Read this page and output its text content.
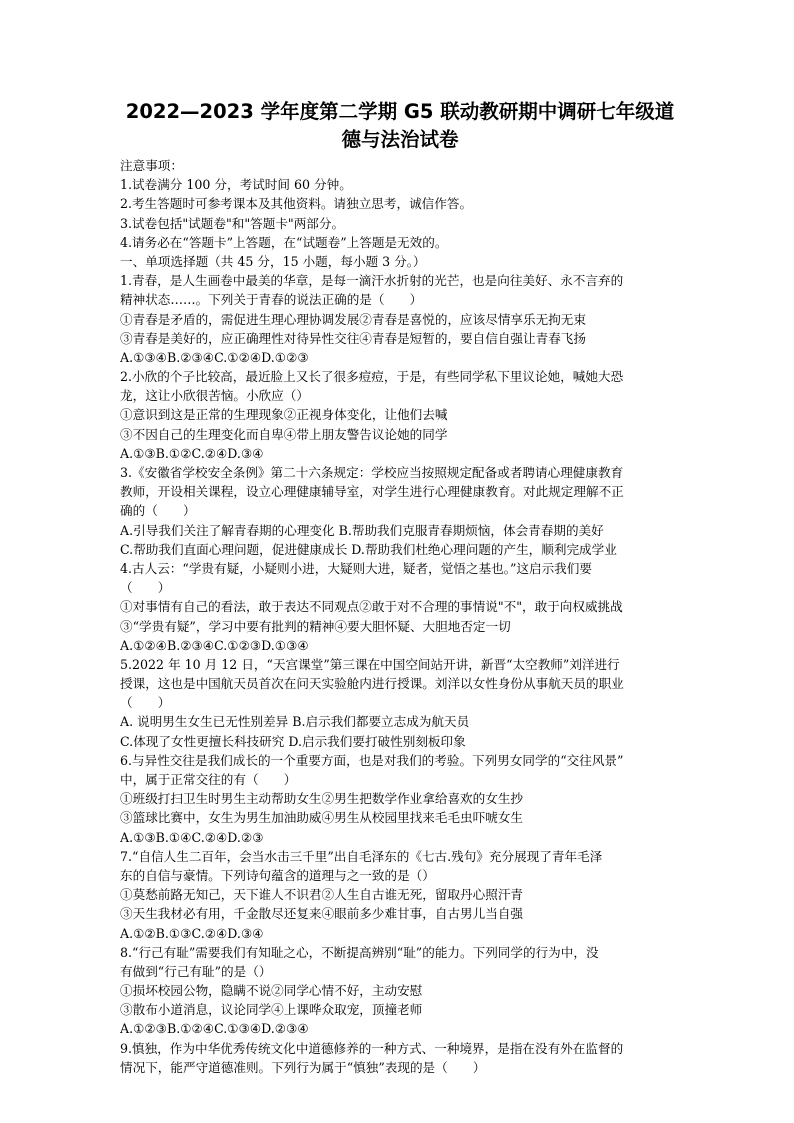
2022—2023 学年度第二学期 G5 联动教研期中调研七年级道
德与法治试卷
注意事项：
1.试卷满分 100 分，考试时间 60 分钟。
2.考生答题时可参考课本及其他资料。请独立思考，诚信作答。
3.试卷包括"试题卷"和"答题卡"两部分。
4.请务必在“答题卡”上答题，在“试题卷”上答题是无效的。
一、单项选择题（共 45 分，15 小题，每小题 3 分。）
1.青春，是人生画卷中最美的华章，是每一滴汗水折射的光芒，也是向往美好、永不言弃的
精神状态……。下列关于青春的说法正确的是（　　）
①青春是矛盾的，需促进生理心理协调发展②青春是喜悦的，应该尽情享乐无拘无束
③青春是美好的，应正确理性对待异性交往④青春是短暂的，要自信自强让青春飞扬
A.①③④B.②③④C.①②④D.①②③
2.小欣的个子比较高，最近脸上又长了很多痘痘，于是，有些同学私下里议论她，喊她大恐
龙，这让小欣很苦恼。小欣应（）
①意识到这是正常的生理现象②正视身体变化，让他们去喊
③不因自己的生理变化而自卑④带上朋友警告议论她的同学
A.①③B.①②C.②④D.③④
3.《安徽省学校安全条例》第二十六条规定：学校应当按照规定配备或者聘请心理健康教育
教师，开设相关课程，设立心理健康辅导室，对学生进行心理健康教育。对此规定理解不正
确的（　　）
A.引导我们关注了解青春期的心理变化 B.帮助我们克服青春期烦恼，体会青春期的美好
C.帮助我们直面心理问题，促进健康成长 D.帮助我们杜绝心理问题的产生，顺利完成学业
4.古人云：“学贵有疑，小疑则小进，大疑则大进，疑者，觉悟之基也。”这启示我们要
（　　）
①对事情有自己的看法，敢于表达不同观点②敢于对不合理的事情说"不"，敢于向权威挑战
③“学贵有疑”，学习中要有批判的精神④要大胆怀疑、大胆地否定一切
A.①②④B.②③④C.①②③D.①③④
5.2022 年 10 月 12 日，“天宫课堂”第三课在中国空间站开讲，新晋“太空教师”刘洋进行
授课，这也是中国航天员首次在问天实验舱内进行授课。刘洋以女性身份从事航天员的职业
（　　）
A. 说明男生女生已无性别差异 B.启示我们都要立志成为航天员
C.体现了女性更擅长科技研究 D.启示我们要打破性别刻板印象
6.与异性交往是我们成长的一个重要方面，也是对我们的考验。下列男女同学的“交往风景”
中，属于正常交往的有（　　）
①班级打扫卫生时男生主动帮助女生②男生把数学作业拿给喜欢的女生抄
③篮球比赛中，女生为男生加油助威④男生从校园里找来毛毛虫吓唬女生
A.①③B.①④C.②④D.②③
7.“自信人生二百年，会当水击三千里”出自毛泽东的《七古.残句》充分展现了青年毛泽
东的自信与豪情。下列诗句蕴含的道理与之一致的是（）
①莫愁前路无知己，天下谁人不识君②人生自古谁无死，留取丹心照汗青
③天生我材必有用，千金散尽还复来④眼前多少难甘事，自古男儿当自强
A.①②B.①③C.②④D.③④
8.“行己有耻”需要我们有知耻之心，不断提高辨别“耻”的能力。下列同学的行为中，没
有做到“行己有耻”的是（）
①损坏校园公物，隐瞒不说②同学心情不好，主动安慰
③散布小道消息，议论同学④上课哗众取宠，顶撞老师
A.①②③B.①②④C.①③④D.②③④
9.慎独，作为中华优秀传统文化中道德修养的一种方式、一种境界，是指在没有外在监督的
情况下，能严守道德准则。下列行为属于“慎独”表现的是（　　）
